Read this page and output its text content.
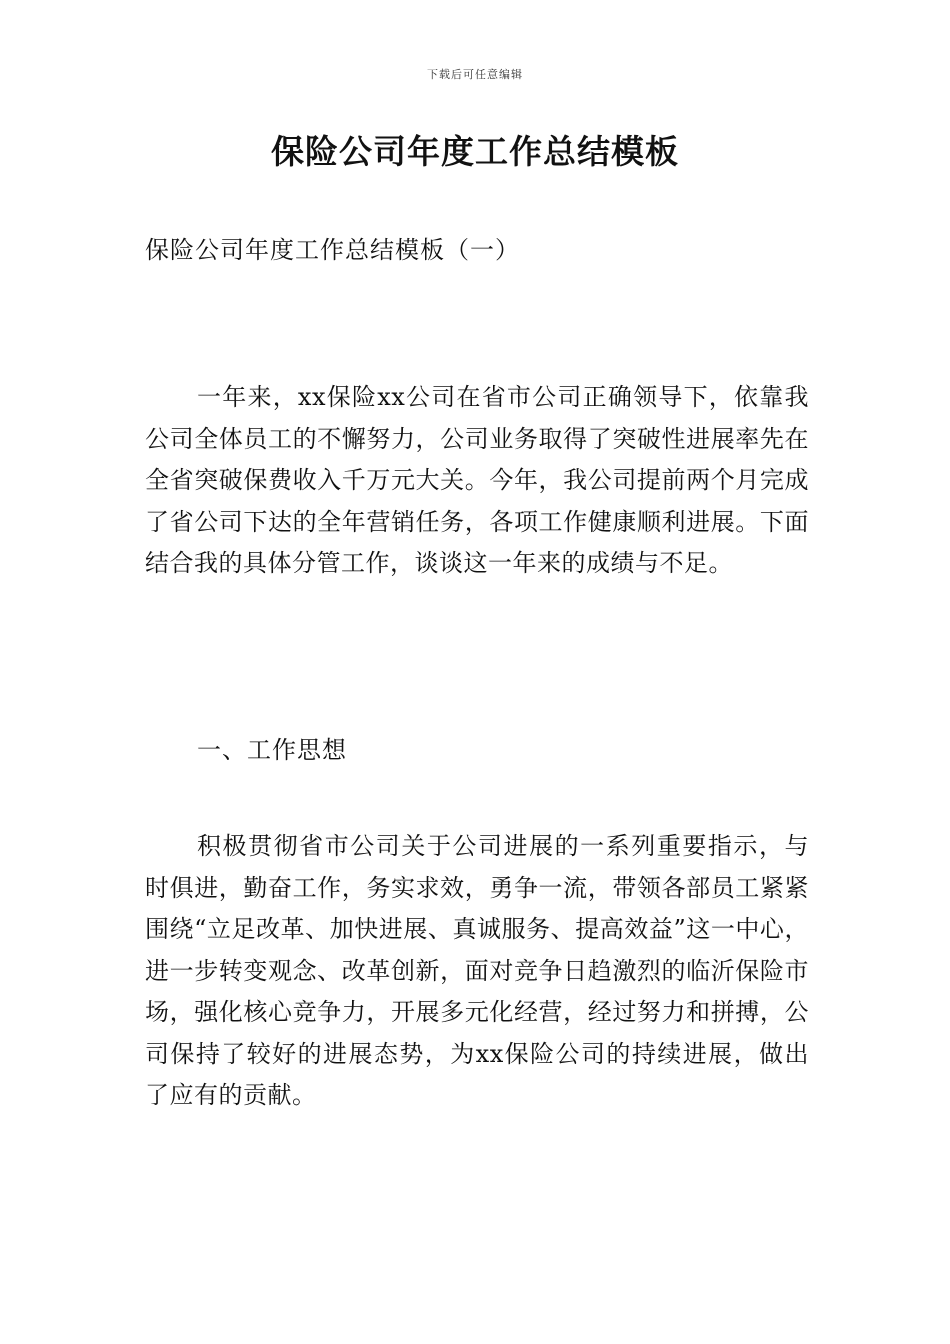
下载后可任意编辑
保险公司年度工作总结模板
保险公司年度工作总结模板（一）

一年来，xx保险xx公司在省市公司正确领导下，依靠我公司全体员工的不懈努力，公司业务取得了突破性进展率先在全省突破保费收入千万元大关。今年，我公司提前两个月完成了省公司下达的全年营销任务，各项工作健康顺利进展。下面结合我的具体分管工作，谈谈这一年来的成绩与不足。

一、工作思想

积极贯彻省市公司关于公司进展的一系列重要指示，与时俱进，勤奋工作，务实求效，勇争一流，带领各部员工紧紧围绕“立足改革、加快进展、真诚服务、提高效益”这一中心，进一步转变观念、改革创新，面对竞争日趋激烈的临沂保险市场，强化核心竞争力，开展多元化经营，经过努力和拼搏，公司保持了较好的进展态势，为xx保险公司的持续进展，做出了应有的贡献。
